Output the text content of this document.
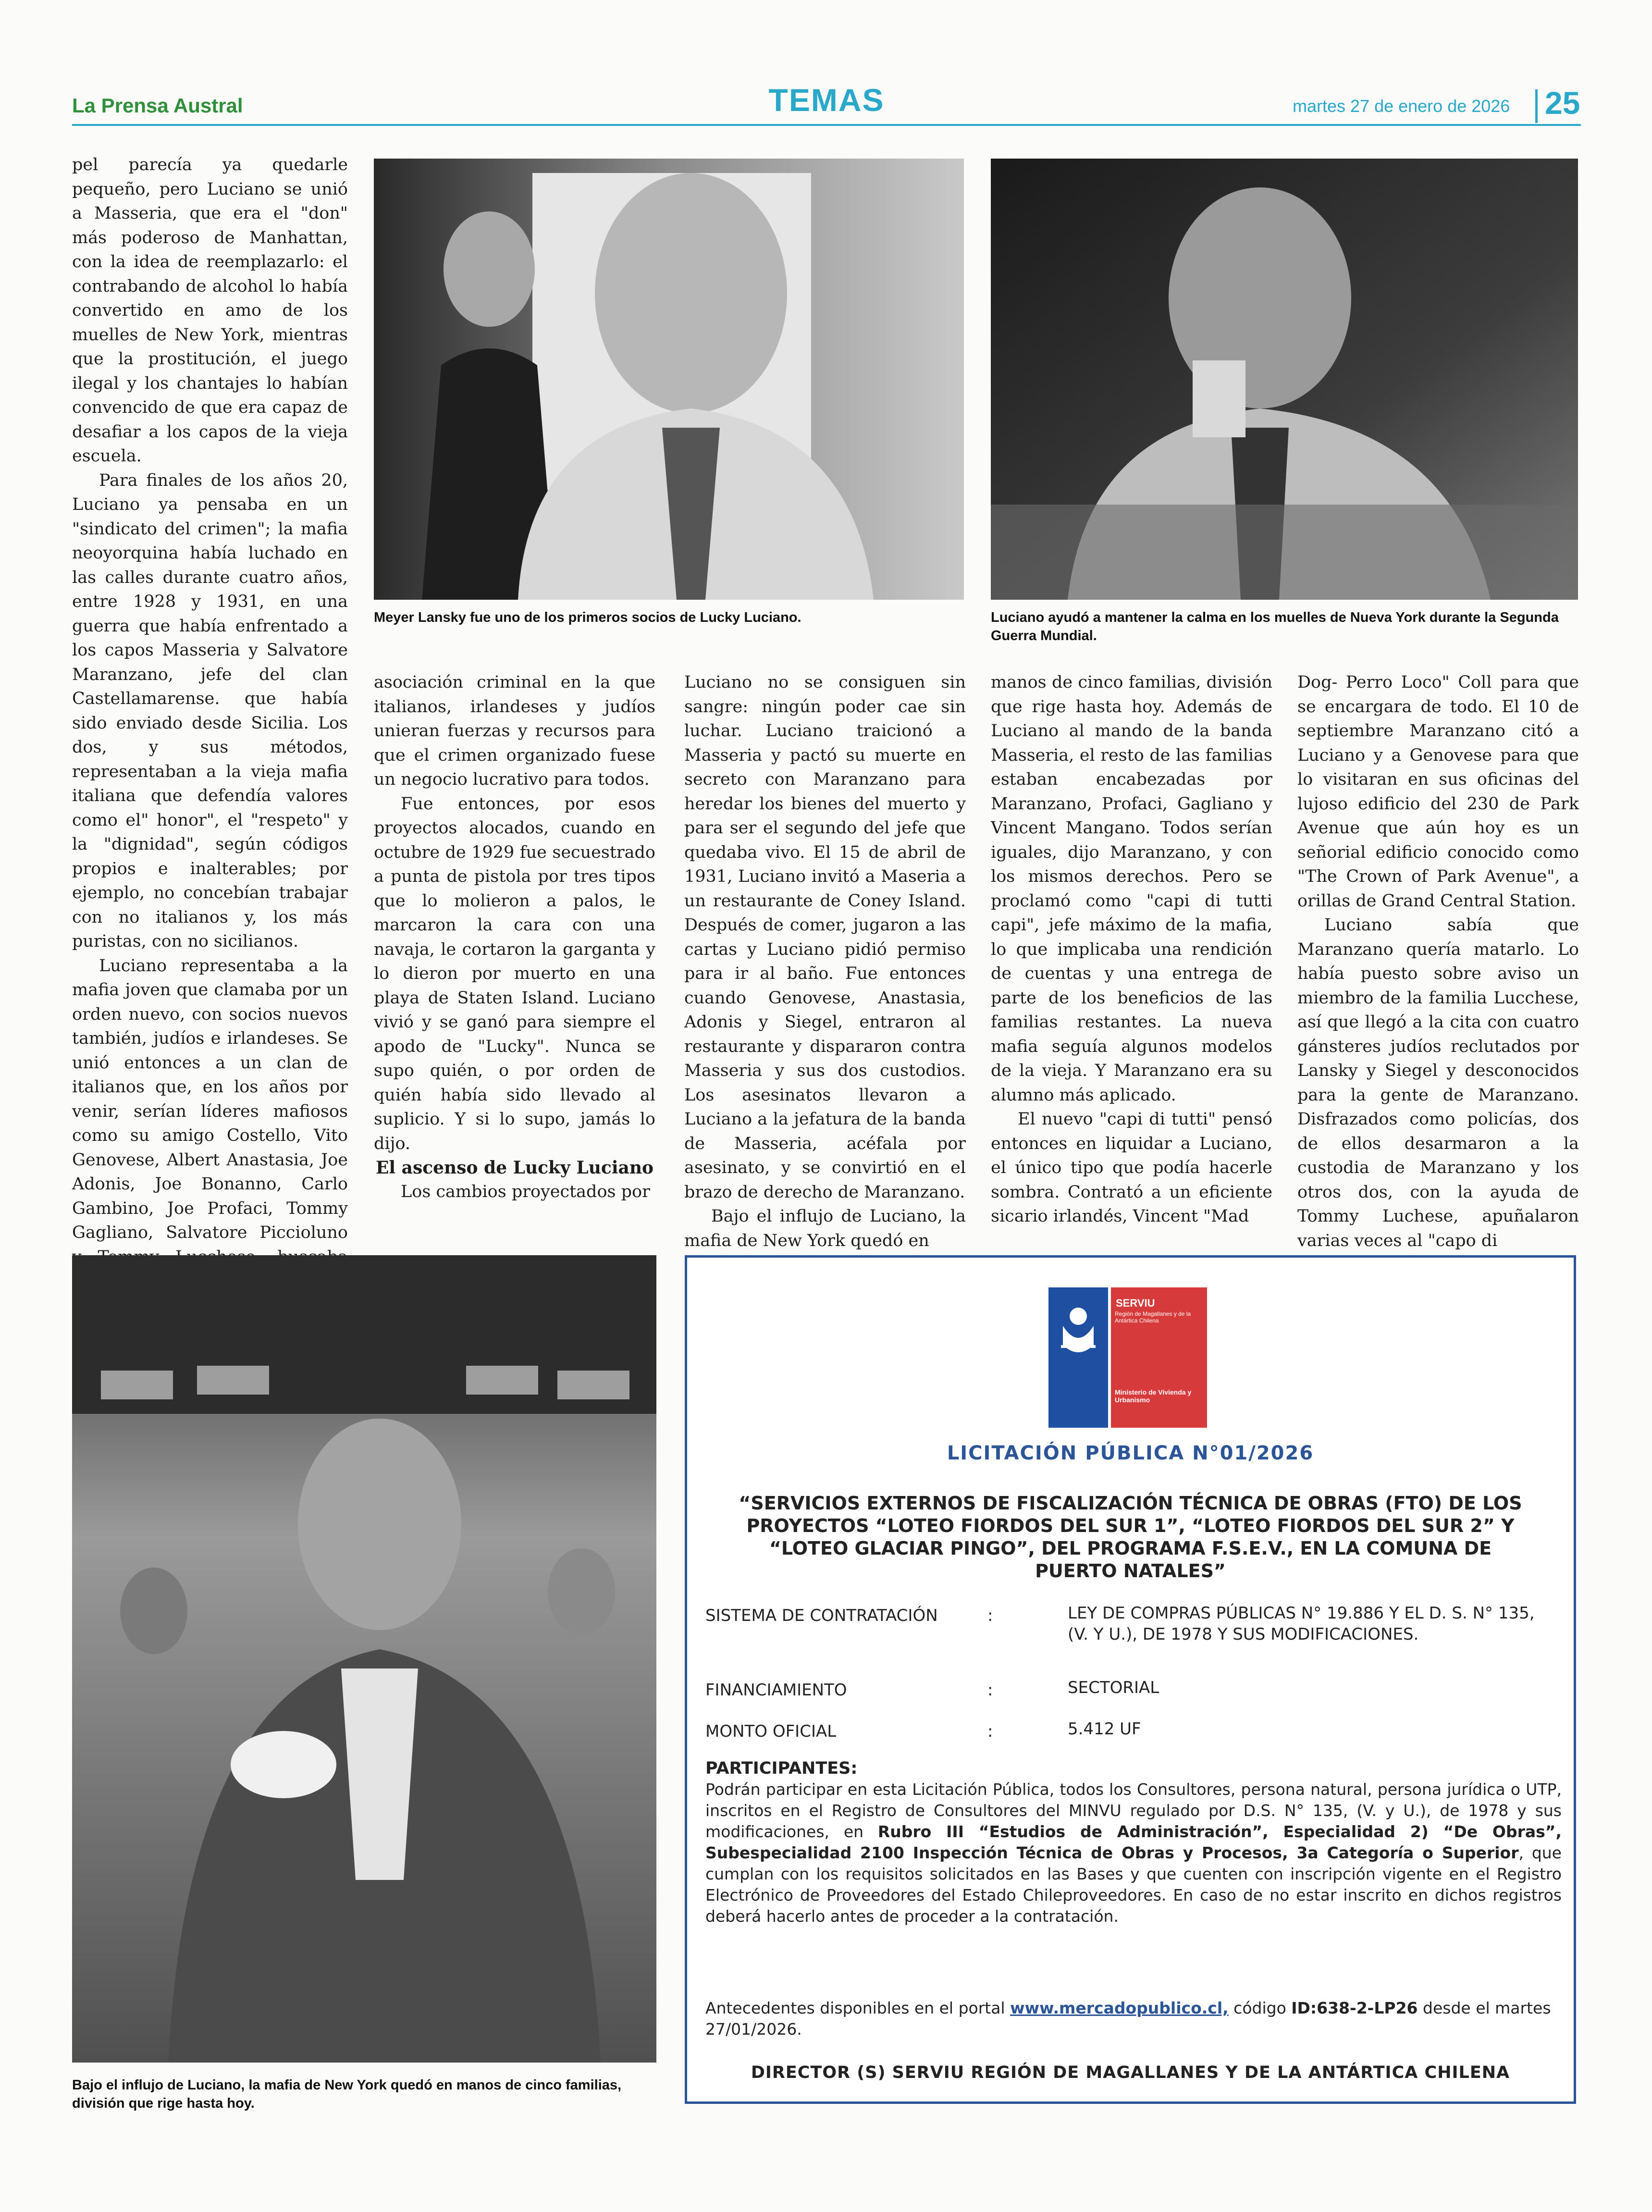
La Prensa Austral	TEMAS	martes 27 de enero de 2026 25
Meyer Lansky fue uno de los primeros socios de Lucky Luciano.	Luciano ayudó a mantener la calma en los muelles de Nueva York durante la Segunda Guerra Mundial.

pel parecía ya quedarle pequeño, pero Luciano se unió a Masseria, que era el "don" más poderoso de Manhattan, con la idea de reemplazarlo: el contrabando de alcohol lo había convertido en amo de los muelles de New York, mientras que la prostitución, el juego ilegal y los chantajes lo habían convencido de que era capaz de desafiar a los capos de la vieja escuela.

Para finales de los años 20, Luciano ya pensaba en un "sindicato del crimen"; la mafia neoyorquina había luchado en las calles durante cuatro años, entre 1928 y 1931, en una guerra que había enfrentado a los capos Masseria y Salvatore Maranzano, jefe del clan Castellamarense. que había sido enviado desde Sicilia. Los dos, y sus métodos, representaban a la vieja mafia italiana que defendía valores como el" honor", el "respeto" y la "dignidad", según códigos propios e inalterables; por ejemplo, no concebían trabajar con no italianos y, los más puristas, con no sicilianos.

Luciano representaba a la mafia joven que clamaba por un orden nuevo, con socios nuevos también, judíos e irlandeses. Se unió entonces a un clan de italianos que, en los años por venir, serían líderes mafiosos como su amigo Costello, Vito Genovese, Albert Anastasia, Joe Adonis, Joe Bonanno, Carlo Gambino, Joe Profaci, Tommy Gagliano, Salvatore Piccioluno

asociación criminal en la que italianos, irlandeses y judíos unieran fuerzas y recursos para que el crimen organizado fuese un negocio lucrativo para todos.

Fue entonces, por esos proyectos alocados, cuando en octubre de 1929 fue secuestrado a punta de pistola por tres tipos que lo molieron a palos, le marcaron la cara con una navaja, le cortaron la garganta y lo dieron por muerto en una playa de Staten Island. Luciano vivió y se ganó para siempre el apodo de "Lucky". Nunca se supo quién, o por orden de quién había sido llevado al suplicio. Y si lo supo, jamás lo dijo.

El ascenso de Lucky Luciano

Los cambios proyectados por

Luciano no se consiguen sin sangre: ningún poder cae sin luchar. Luciano traicionó a Masseria y pactó su muerte en secreto con Maranzano para heredar los bienes del muerto y para ser el segundo del jefe que quedaba vivo. El 15 de abril de 1931, Luciano invitó a Maseria a un restaurante de Coney Island. Después de comer, jugaron a las cartas y Luciano pidió permiso para ir al baño. Fue entonces cuando Genovese, Anastasia, Adonis y Siegel, entraron al restaurante y dispararon contra Masseria y sus dos custodios. Los asesinatos llevaron a Luciano a la jefatura de la banda de Masseria, acéfala por asesinato, y se convirtió en el brazo de derecho de Maranzano.

Bajo el influjo de Luciano, la mafia de New York quedó en

manos de cinco familias, división que rige hasta hoy. Además de Luciano al mando de la banda Masseria, el resto de las familias estaban encabezadas por Maranzano, Profaci, Gagliano y Vincent Mangano. Todos serían iguales, dijo Maranzano, y con los mismos derechos. Pero se proclamó como "capi di tutti capi", jefe máximo de la mafia, lo que implicaba una rendición de cuentas y una entrega de parte de los beneficios de las familias restantes. La nueva mafia seguía algunos modelos de la vieja. Y Maranzano era su alumno más aplicado.

El nuevo "capi di tutti" pensó entonces en liquidar a Luciano, el único tipo que podía hacerle sombra. Contrató a un eficiente sicario irlandés, Vincent "Mad

Dog- Perro Loco" Coll para que se encargara de todo. El 10 de septiembre Maranzano citó a Luciano y a Genovese para que lo visitaran en sus oficinas del lujoso edificio del 230 de Park Avenue que aún hoy es un señorial edificio conocido como "The Crown of Park Avenue", a orillas de Grand Central Station.

Luciano sabía que Maranzano quería matarlo. Lo había puesto sobre aviso un miembro de la familia Lucchese, así que llegó a la cita con cuatro gánsteres judíos reclutados por Lansky y Siegel y desconocidos para la gente de Maranzano. Disfrazados como policías, dos de ellos desarmaron a la custodia de Maranzano y los otros dos, con la ayuda de Tommy Luchese, apuñalaron varias veces al "capo di

Bajo el influjo de Luciano, la mafia de New York quedó en manos de cinco familias, división que rige hasta hoy.
SERVIU
Región de Magallanes y de la Antártica Chilena
Ministerio de Vivienda y Urbanismo
LICITACIÓN PÚBLICA N°01/2026
“SERVICIOS EXTERNOS DE FISCALIZACIÓN TÉCNICA DE OBRAS (FTO) DE LOS PROYECTOS “LOTEO FIORDOS DEL SUR 1”, “LOTEO FIORDOS DEL SUR 2” Y “LOTEO GLACIAR PINGO”, DEL PROGRAMA F.S.E.V., EN LA COMUNA DE PUERTO NATALES”
SISTEMA DE CONTRATACIÓN	:	LEY DE COMPRAS PÚBLICAS N° 19.886 Y EL D. S. N° 135, (V. Y U.), DE 1978 Y SUS MODIFICACIONES.
FINANCIAMIENTO	:	SECTORIAL
MONTO OFICIAL	:	5.412 UF
PARTICIPANTES:
Podrán participar en esta Licitación Pública, todos los Consultores, persona natural, persona jurídica o UTP, inscritos en el Registro de Consultores del MINVU regulado por D.S. N° 135, (V. y U.), de 1978 y sus modificaciones, en Rubro III “Estudios de Administración”, Especialidad 2) “De Obras”, Subespecialidad 2100 Inspección Técnica de Obras y Procesos, 3a Categoría o Superior, que cumplan con los requisitos solicitados en las Bases y que cuenten con inscripción vigente en el Registro Electrónico de Proveedores del Estado Chileproveedores. En caso de no estar inscrito en dichos registros deberá hacerlo antes de proceder a la contratación.
Antecedentes disponibles en el portal www.mercadopublico.cl, código ID:638-2-LP26 desde el martes 27/01/2026.
DIRECTOR (S) SERVIU REGIÓN DE MAGALLANES Y DE LA ANTÁRTICA CHILENA
